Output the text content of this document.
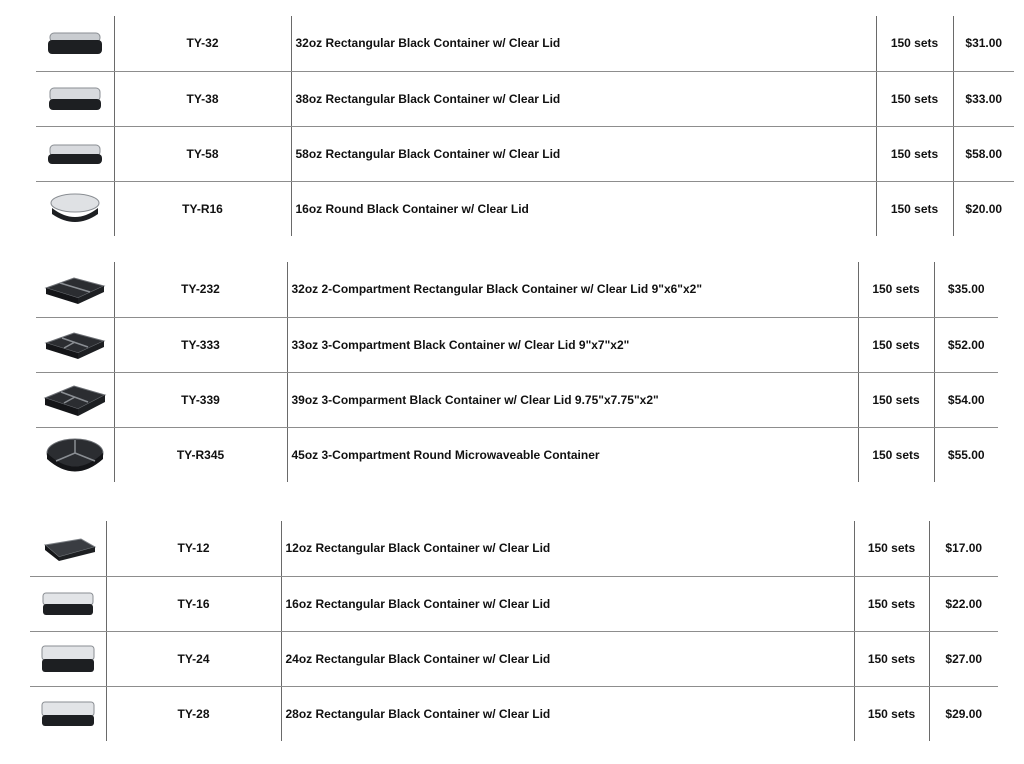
	TY-32	32oz Rectangular Black Container w/ Clear Lid	150 sets	$31.00
	TY-38	38oz Rectangular Black Container w/ Clear Lid	150 sets	$33.00
	TY-58	58oz Rectangular Black Container w/ Clear Lid	150 sets	$58.00
	TY-R16	16oz Round Black Container w/ Clear Lid	150 sets	$20.00
	TY-232	32oz 2-Compartment Rectangular Black Container w/ Clear Lid 9"x6"x2"	150 sets	$35.00
	TY-333	33oz 3-Compartment Black Container w/ Clear Lid 9"x7"x2"	150 sets	$52.00
	TY-339	39oz 3-Comparment Black Container w/ Clear Lid 9.75"x7.75"x2"	150 sets	$54.00
	TY-R345	45oz 3-Compartment Round Microwaveable Container	150 sets	$55.00
	TY-12	12oz Rectangular Black Container w/ Clear Lid	150 sets	$17.00
	TY-16	16oz Rectangular Black Container w/ Clear Lid	150 sets	$22.00
	TY-24	24oz Rectangular Black Container w/ Clear Lid	150 sets	$27.00
	TY-28	28oz Rectangular Black Container w/ Clear Lid	150 sets	$29.00
